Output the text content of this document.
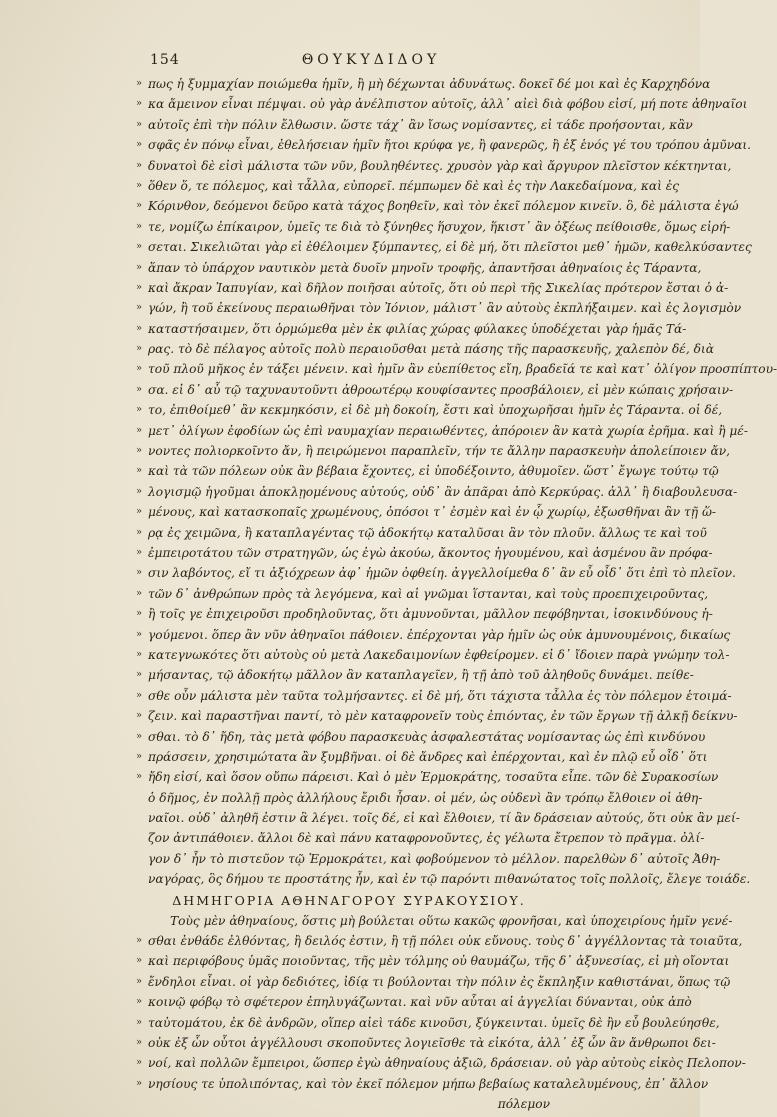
154	ΘΟΥΚΥΔΙΔΟΥ
» πως ἡ ξυμμαχίαν ποιώμεθα ἡμῖν, ἢ μὴ δέχωνται ἀδυνάτως. δοκεῖ δέ μοι καὶ ἐς Καρχηδόνα
» κα ἄμεινον εἶναι πέμψαι. οὐ γὰρ ἀνέλπιστον αὐτοῖς, ἀλλ᾽ αἰεὶ διὰ φόβου εἰσί, μή ποτε ἀθηναῖοι
» αὐτοῖς ἐπὶ τὴν πόλιν ἔλθωσιν. ὥστε τάχ᾽ ἂν ἴσως νομίσαντες, εἰ τάδε προήσονται, κἂν
» σφᾶς ἐν πόνῳ εἶναι, ἐθελήσειαν ἡμῖν ἤτοι κρύφα γε, ἢ φανερῶς, ἢ ἐξ ἑνός γέ του τρόπου ἀμῦναι.
» δυνατοὶ δὲ εἰσὶ μάλιστα τῶν νῦν, βουληθέντες. χρυσὸν γὰρ καὶ ἄργυρον πλεῖστον κέκτηνται,
» ὅθεν ὅ, τε πόλεμος, καὶ τἆλλα, εὐπορεῖ. πέμπωμεν δὲ καὶ ἐς τὴν Λακεδαίμονα, καὶ ἐς
» Κόρινθον, δεόμενοι δεῦρο κατὰ τάχος βοηθεῖν, καὶ τὸν ἐκεῖ πόλεμον κινεῖν. ὃ, δὲ μάλιστα ἐγώ
» τε, νομίζω ἐπίκαιρον, ὑμεῖς τε διὰ τὸ ξύνηθες ἥσυχον, ἥκιστ᾽ ἂν ὀξέως πείθοισθε, ὅμως εἰρή-
» σεται. Σικελιῶται γὰρ εἰ ἐθέλοιμεν ξύμπαντες, εἰ δὲ μή, ὅτι πλεῖστοι μεθ᾽ ἡμῶν, καθελκύσαντες
» ἅπαν τὸ ὑπάρχον ναυτικὸν μετὰ δυοῖν μηνοῖν τροφῆς, ἀπαντῆσαι ἀθηναίοις ἐς Τάραντα,
» καὶ ἄκραν Ἰαπυγίαν, καὶ δῆλον ποιῆσαι αὐτοῖς, ὅτι οὐ περὶ τῆς Σικελίας πρότερον ἔσται ὁ ἀ-
» γών, ἢ τοῦ ἐκείνους περαιωθῆναι τὸν Ἰόνιον, μάλιστ᾽ ἂν αὐτοὺς ἐκπλήξαιμεν. καὶ ἐς λογισμὸν
» καταστήσαιμεν, ὅτι ὁρμώμεθα μὲν ἐκ φιλίας χώρας φύλακες ὑποδέχεται γὰρ ἡμᾶς Τά-
» ρας. τὸ δὲ πέλαγος αὐτοῖς πολὺ περαιοῦσθαι μετὰ πάσης τῆς παρασκευῆς, χαλεπὸν δέ, διὰ
» τοῦ πλοῦ μῆκος ἐν τάξει μένειν. καὶ ἡμῖν ἂν εὐεπίθετος εἴη, βραδεῖά τε καὶ κατ᾽ ὀλίγον προσπίπτου-
» σα. εἰ δ᾽ αὖ τῷ ταχυναυτοῦντι ἀθροωτέρῳ κουφίσαντες προσβάλοιεν, εἰ μὲν κώπαις χρήσαιν-
» το, ἐπιθοίμεθ᾽ ἂν κεκμηκόσιν, εἰ δὲ μὴ δοκοίη, ἔστι καὶ ὑποχωρῆσαι ἡμῖν ἐς Τάραντα. οἱ δέ,
» μετ᾽ ὀλίγων ἐφοδίων ὡς ἐπὶ ναυμαχίαν περαιωθέντες, ἀπόροιεν ἂν κατὰ χωρία ἐρῆμα. καὶ ἢ μέ-
» νοντες πολιορκοῖντο ἄν, ἢ πειρώμενοι παραπλεῖν, τήν τε ἄλλην παρασκευὴν ἀπολείποιεν ἄν,
» καὶ τὰ τῶν πόλεων οὐκ ἂν βέβαια ἔχοντες, εἰ ὑποδέξοιντο, ἀθυμοῖεν. ὥστ᾽ ἔγωγε τούτῳ τῷ
» λογισμῷ ἡγοῦμαι ἀποκλῃομένους αὐτούς, οὐδ᾽ ἂν ἀπᾶραι ἀπὸ Κερκύρας. ἀλλ᾽ ἢ διαβουλευσα-
» μένους, καὶ κατασκοπαῖς χρωμένους, ὁπόσοι τ᾽ ἐσμὲν καὶ ἐν ᾧ χωρίῳ, ἐξωσθῆναι ἂν τῇ ὥ-
» ρᾳ ἐς χειμῶνα, ἢ καταπλαγέντας τῷ ἀδοκήτῳ καταλῦσαι ἂν τὸν πλοῦν. ἄλλως τε καὶ τοῦ
» ἐμπειροτάτου τῶν στρατηγῶν, ὡς ἐγὼ ἀκούω, ἄκοντος ἡγουμένου, καὶ ἀσμένου ἂν πρόφα-
» σιν λαβόντος, εἴ τι ἀξιόχρεων ἀφ᾽ ἡμῶν ὀφθείη. ἀγγελλοίμεθα δ᾽ ἂν εὖ οἶδ᾽ ὅτι ἐπὶ τὸ πλεῖον.
» τῶν δ᾽ ἀνθρώπων πρὸς τὰ λεγόμενα, καὶ αἱ γνῶμαι ἵστανται, καὶ τοὺς προεπιχειροῦντας,
» ἢ τοῖς γε ἐπιχειροῦσι προδηλοῦντας, ὅτι ἀμυνοῦνται, μᾶλλον πεφόβηνται, ἰσοκινδύνους ἡ-
» γούμενοι. ὅπερ ἂν νῦν ἀθηναῖοι πάθοιεν. ἐπέρχονται γὰρ ἡμῖν ὡς οὐκ ἀμυνουμένοις, δικαίως
» κατεγνωκότες ὅτι αὐτοὺς οὐ μετὰ Λακεδαιμονίων ἐφθείρομεν. εἰ δ᾽ ἴδοιεν παρὰ γνώμην τολ-
» μήσαντας, τῷ ἀδοκήτῳ μᾶλλον ἂν καταπλαγεῖεν, ἢ τῇ ἀπὸ τοῦ ἀληθοῦς δυνάμει. πείθε-
» σθε οὖν μάλιστα μὲν ταῦτα τολμήσαντες. εἰ δὲ μή, ὅτι τάχιστα τἆλλα ἐς τὸν πόλεμον ἑτοιμά-
» ζειν. καὶ παραστῆναι παντί, τὸ μὲν καταφρονεῖν τοὺς ἐπιόντας, ἐν τῶν ἔργων τῇ ἀλκῇ δείκνυ-
» σθαι. τὸ δ᾽ ἤδη, τὰς μετὰ φόβου παρασκευὰς ἀσφαλεστάτας νομίσαντας ὡς ἐπὶ κινδύνου
» πράσσειν, χρησιμώτατα ἂν ξυμβῆναι. οἱ δὲ ἄνδρες καὶ ἐπέρχονται, καὶ ἐν πλῷ εὖ οἶδ᾽ ὅτι
» ἤδη εἰσί, καὶ ὅσον οὔπω πάρεισι. Καὶ ὁ μὲν Ἑρμοκράτης, τοσαῦτα εἶπε. τῶν δὲ Συρακοσίων
ὁ δῆμος, ἐν πολλῇ πρὸς ἀλλήλους ἔριδι ἦσαν. οἱ μέν, ὡς οὐδενὶ ἂν τρόπῳ ἔλθοιεν οἱ ἀθη-
ναῖοι. οὐδ᾽ ἀληθῆ ἐστιν ἃ λέγει. τοῖς δέ, εἰ καὶ ἔλθοιεν, τί ἂν δράσειαν αὐτούς, ὅτι οὐκ ἂν μεί-
ζον ἀντιπάθοιεν. ἄλλοι δὲ καὶ πάνυ καταφρονοῦντες, ἐς γέλωτα ἔτρεπον τὸ πρᾶγμα. ὀλί-
γον δ᾽ ἦν τὸ πιστεῦον τῷ Ἑρμοκράτει, καὶ φοβούμενον τὸ μέλλον. παρελθὼν δ᾽ αὐτοῖς Ἀθη-
ναγόρας, ὃς δήμου τε προστάτης ἦν, καὶ ἐν τῷ παρόντι πιθανώτατος τοῖς πολλοῖς, ἔλεγε τοιάδε.
ΔΗΜΗΓΟΡΙΑ ΑΘΗΝΑΓΟΡΟΥ ΣΥΡΑΚΟΥΣΙΟΥ.
Τοὺς μὲν ἀθηναίους, ὅστις μὴ βούλεται οὕτω κακῶς φρονῆσαι, καὶ ὑποχειρίους ἡμῖν γενέ-
» σθαι ἐνθάδε ἐλθόντας, ἢ δειλός ἐστιν, ἢ τῇ πόλει οὐκ εὔνους. τοὺς δ᾽ ἀγγέλλοντας τὰ τοιαῦτα,
» καὶ περιφόβους ὑμᾶς ποιοῦντας, τῆς μὲν τόλμης οὐ θαυμάζω, τῆς δ᾽ ἀξυνεσίας, εἰ μὴ οἴονται
» ἔνδηλοι εἶναι. οἱ γὰρ δεδιότες, ἰδίᾳ τι βούλονται τὴν πόλιν ἐς ἔκπληξιν καθιστάναι, ὅπως τῷ
» κοινῷ φόβῳ τὸ σφέτερον ἐπηλυγάζωνται. καὶ νῦν αὗται αἱ ἀγγελίαι δύνανται, οὐκ ἀπὸ
» ταὐτομάτου, ἐκ δὲ ἀνδρῶν, οἵπερ αἰεὶ τάδε κινοῦσι, ξύγκεινται. ὑμεῖς δὲ ἢν εὖ βουλεύησθε,
» οὐκ ἐξ ὧν οὗτοι ἀγγέλλουσι σκοποῦντες λογιεῖσθε τὰ εἰκότα, ἀλλ᾽ ἐξ ὧν ἂν ἄνθρωποι δει-
» νοί, καὶ πολλῶν ἔμπειροι, ὥσπερ ἐγὼ ἀθηναίους ἀξιῶ, δράσειαν. οὐ γὰρ αὐτοὺς εἰκὸς Πελοπον-
» νησίους τε ὑπολιπόντας, καὶ τὸν ἐκεῖ πόλεμον μήπω βεβαίως καταλελυμένους, ἐπ᾽ ἄλλον
πόλεμον
